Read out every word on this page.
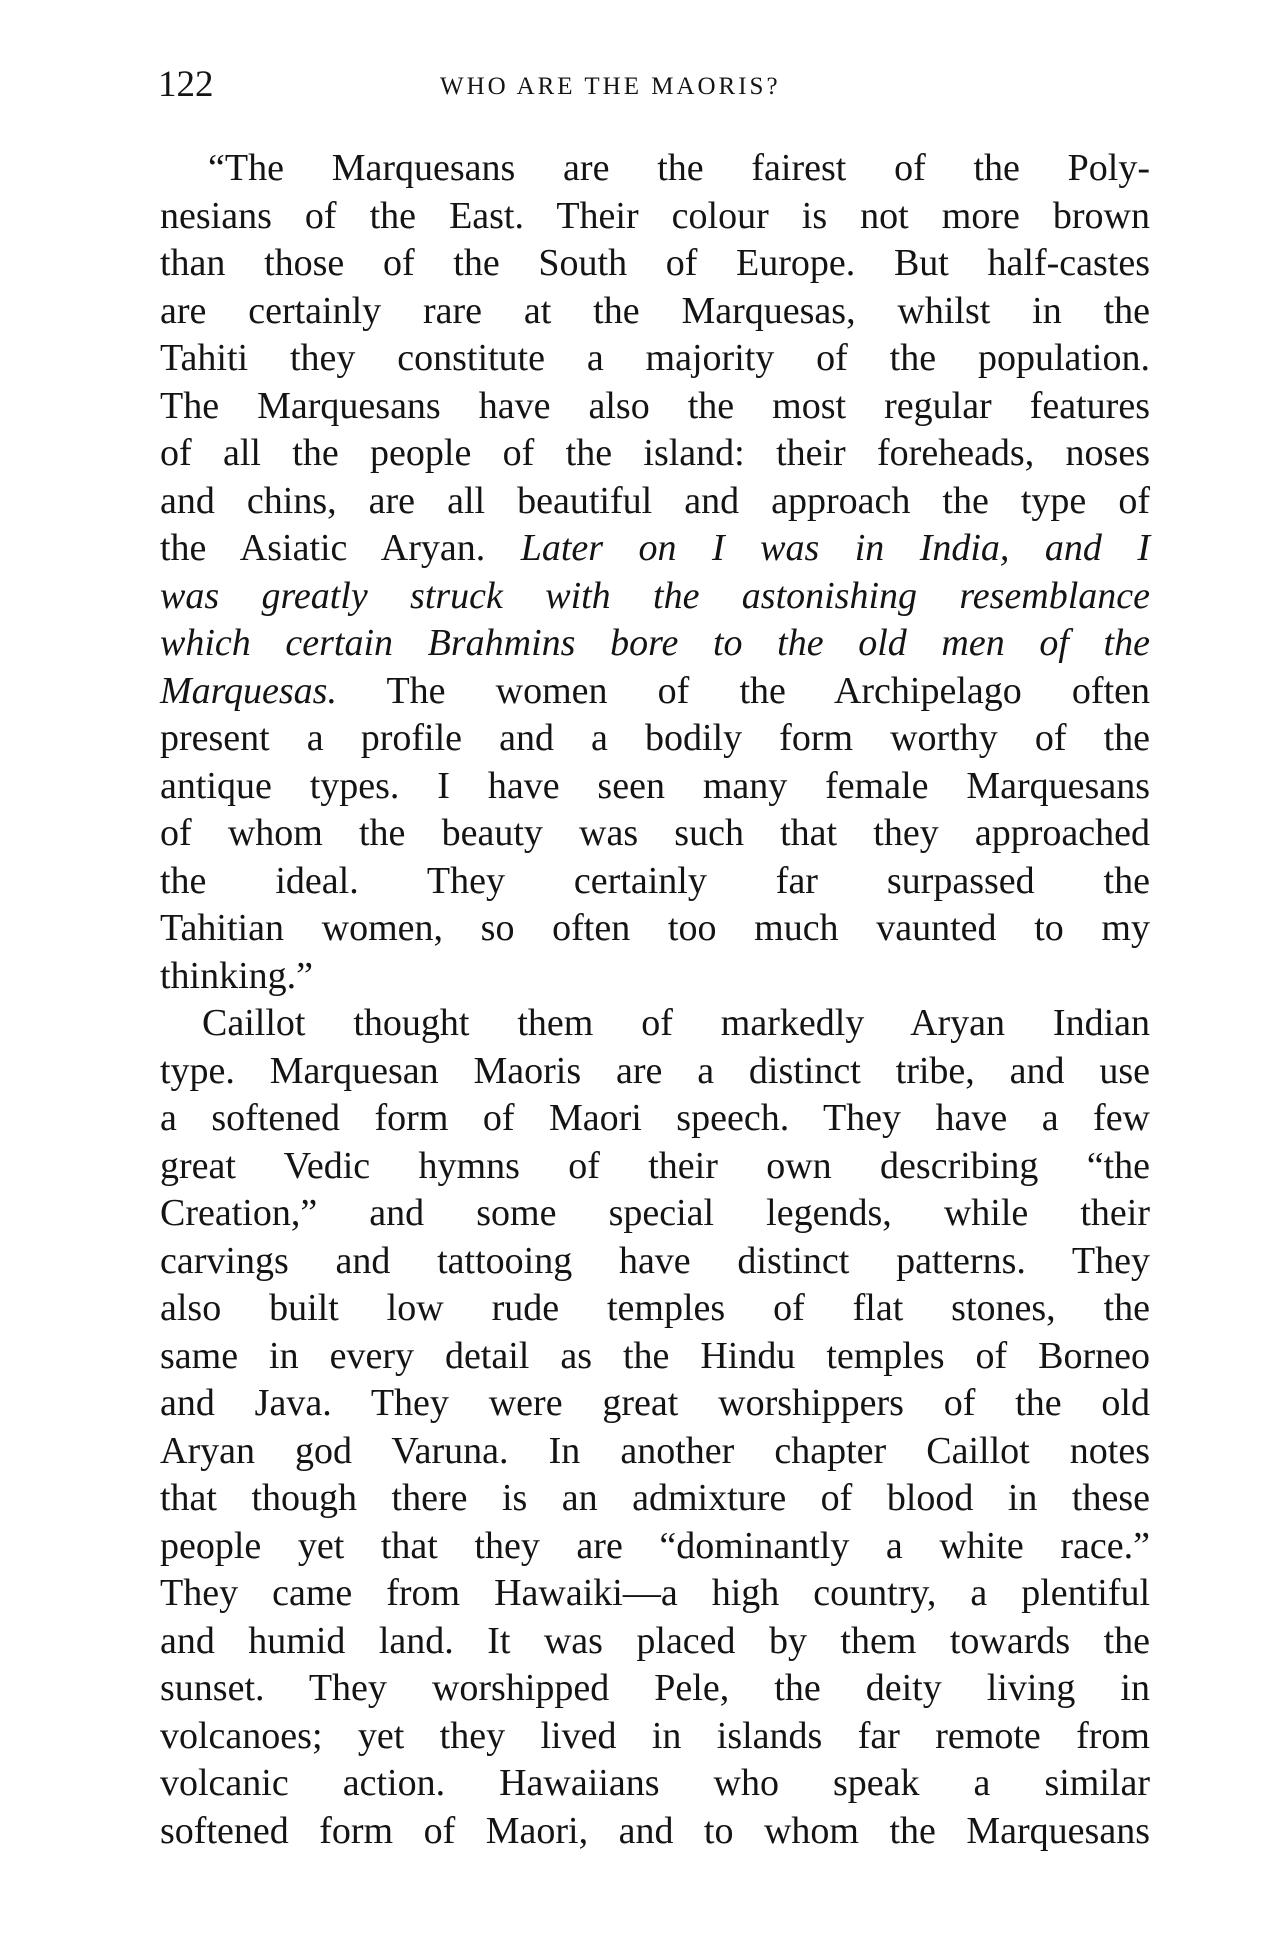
122	WHO ARE THE MAORIS?
“The Marquesans are the fairest of the Poly-
nesians of the East. Their colour is not more brown
than those of the South of Europe. But half-castes
are certainly rare at the Marquesas, whilst in the
Tahiti they constitute a majority of the population.
The Marquesans have also the most regular features
of all the people of the island: their foreheads, noses
and chins, are all beautiful and approach the type of
the Asiatic Aryan. Later on I was in India, and I
was greatly struck with the astonishing resemblance
which certain Brahmins bore to the old men of the
Marquesas. The women of the Archipelago often
present a profile and a bodily form worthy of the
antique types. I have seen many female Marquesans
of whom the beauty was such that they approached
the ideal. They certainly far surpassed the
Tahitian women, so often too much vaunted to my
thinking.”
Caillot thought them of markedly Aryan Indian
type. Marquesan Maoris are a distinct tribe, and use
a softened form of Maori speech. They have a few
great Vedic hymns of their own describing “the
Creation,” and some special legends, while their
carvings and tattooing have distinct patterns. They
also built low rude temples of flat stones, the
same in every detail as the Hindu temples of Borneo
and Java. They were great worshippers of the old
Aryan god Varuna. In another chapter Caillot notes
that though there is an admixture of blood in these
people yet that they are “dominantly a white race.”
They came from Hawaiki—a high country, a plentiful
and humid land. It was placed by them towards the
sunset. They worshipped Pele, the deity living in
volcanoes; yet they lived in islands far remote from
volcanic action. Hawaiians who speak a similar
softened form of Maori, and to whom the Marquesans
